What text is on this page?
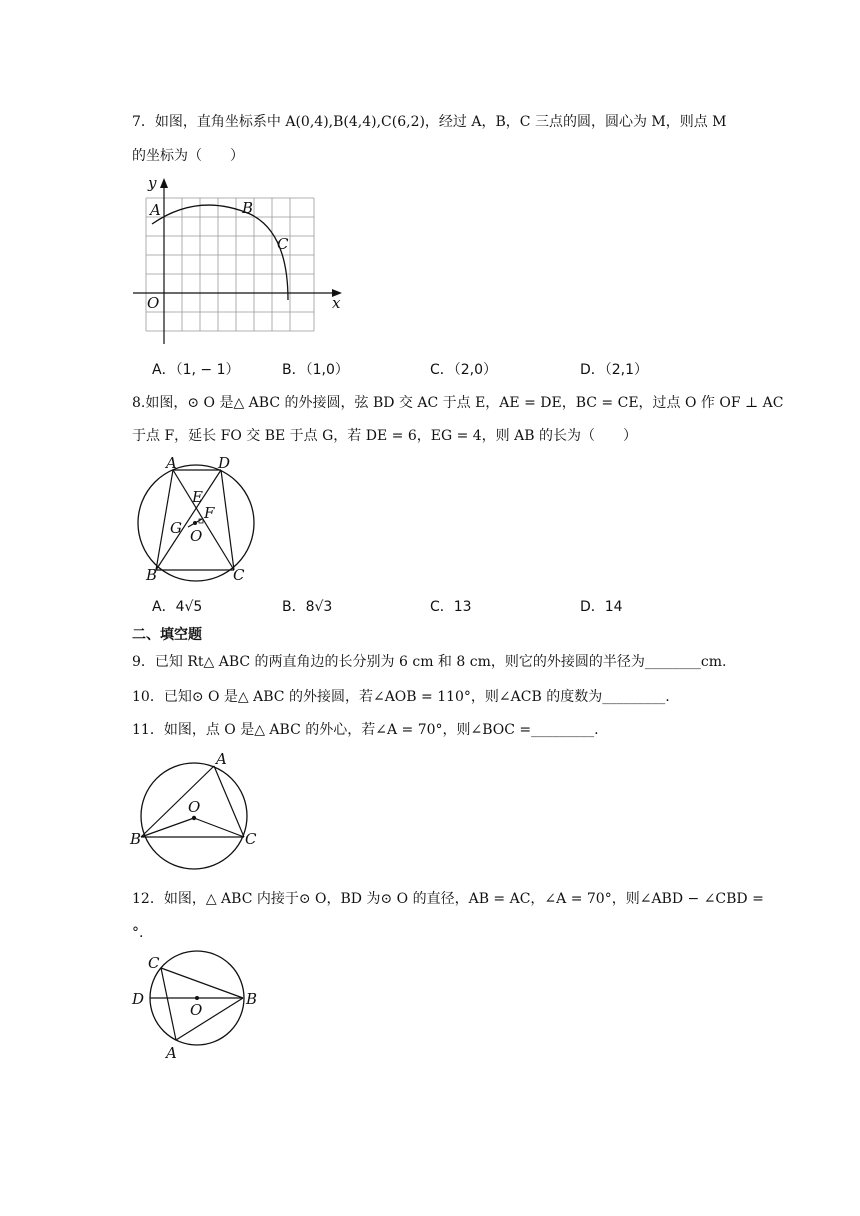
7．如图，直角坐标系中 A(0,4),B(4,4),C(6,2)，经过 A，B，C 三点的圆，圆心为 M，则点 M
的坐标为（　　）
y
x
O
A	B
C
A．（1, − 1）	B．（1,0）	C．（2,0）	D．（2,1）
8.如图，⊙ O 是△ ABC 的外接圆，弦 BD 交 AC 于点 E，AE = DE，BC = CE，过点 O 作 OF ⊥ AC
于点 F，延长 FO 交 BE 于点 G，若 DE = 6，EG = 4，则 AB 的长为（　　）
A	D
E
F
G O
B	C
A．4√5	B．8√3	C．13	D．14
二、填空题
9．已知 Rt△ ABC 的两直角边的长分别为 6 cm 和 8 cm，则它的外接圆的半径为________cm.
10．已知⊙ O 是△ ABC 的外接圆，若∠AOB = 110°，则∠ACB 的度数为_________.
11．如图，点 O 是△ ABC 的外心，若∠A = 70°，则∠BOC =_________.
A
O
B	C
12．如图，△ ABC 内接于⊙ O，BD 为⊙ O 的直径，AB = AC，∠A = 70°，则∠ABD − ∠CBD =
°.
C
D
O
B
A
